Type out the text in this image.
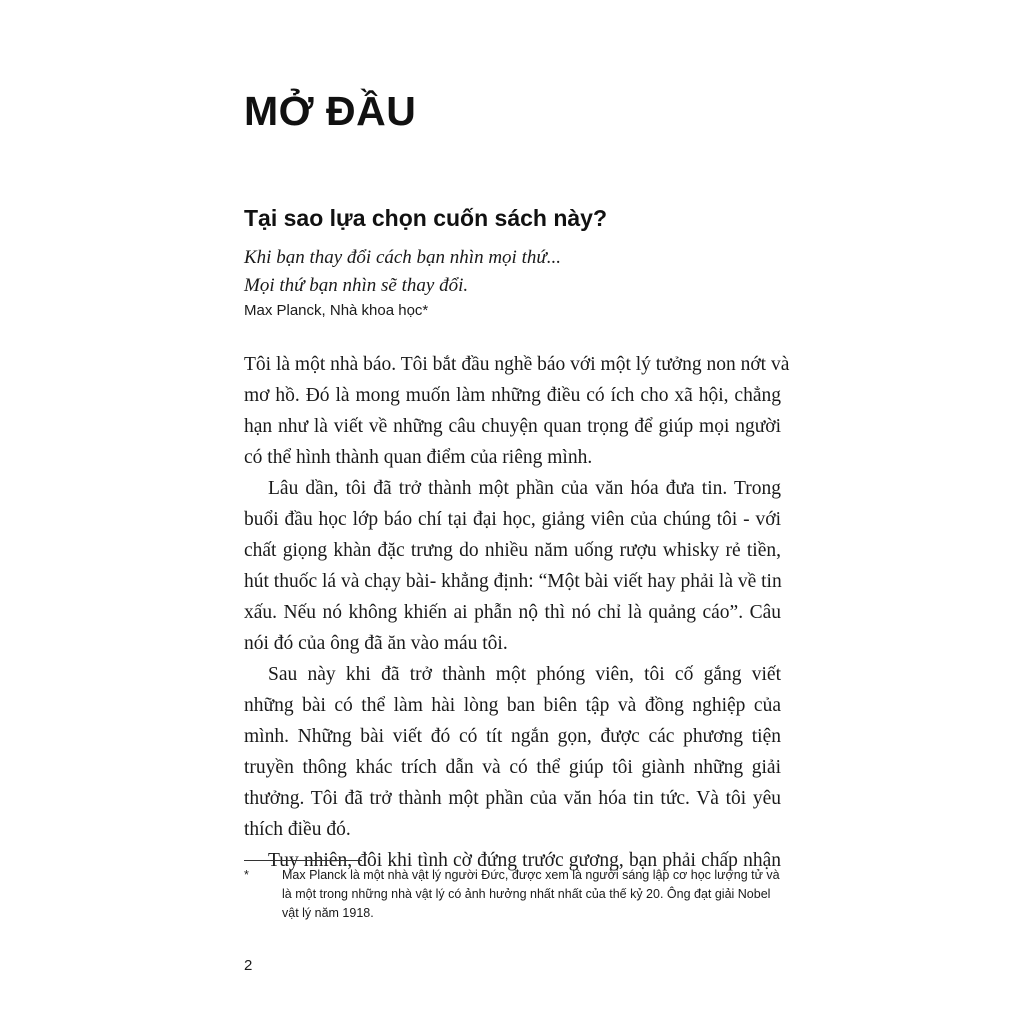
MỞ ĐẦU
Tại sao lựa chọn cuốn sách này?
Khi bạn thay đổi cách bạn nhìn mọi thứ...
Mọi thứ bạn nhìn sẽ thay đổi.
Max Planck, Nhà khoa học*

Tôi là một nhà báo. Tôi bắt đầu nghề báo với một lý tưởng non nớt và
mơ hồ. Đó là mong muốn làm những điều có ích cho xã hội, chẳng
hạn như là viết về những câu chuyện quan trọng để giúp mọi người
có thể hình thành quan điểm của riêng mình.

Lâu dần, tôi đã trở thành một phần của văn hóa đưa tin. Trong
buổi đầu học lớp báo chí tại đại học, giảng viên của chúng tôi - với
chất giọng khàn đặc trưng do nhiều năm uống rượu whisky rẻ tiền,
hút thuốc lá và chạy bài- khẳng định: “Một bài viết hay phải là về tin
xấu. Nếu nó không khiến ai phẫn nộ thì nó chỉ là quảng cáo”. Câu
nói đó của ông đã ăn vào máu tôi.

Sau này khi đã trở thành một phóng viên, tôi cố gắng viết
những bài có thể làm hài lòng ban biên tập và đồng nghiệp của
mình. Những bài viết đó có tít ngắn gọn, được các phương tiện
truyền thông khác trích dẫn và có thể giúp tôi giành những giải
thưởng. Tôi đã trở thành một phần của văn hóa tin tức. Và tôi yêu
thích điều đó.

Tuy nhiên, đôi khi tình cờ đứng trước gương, bạn phải chấp nhận

*	Max Planck là một nhà vật lý người Đức, được xem là người sáng lập cơ học lượng tử và
là một trong những nhà vật lý có ảnh hưởng nhất nhất của thế kỷ 20. Ông đạt giải Nobel
vật lý năm 1918.
2
